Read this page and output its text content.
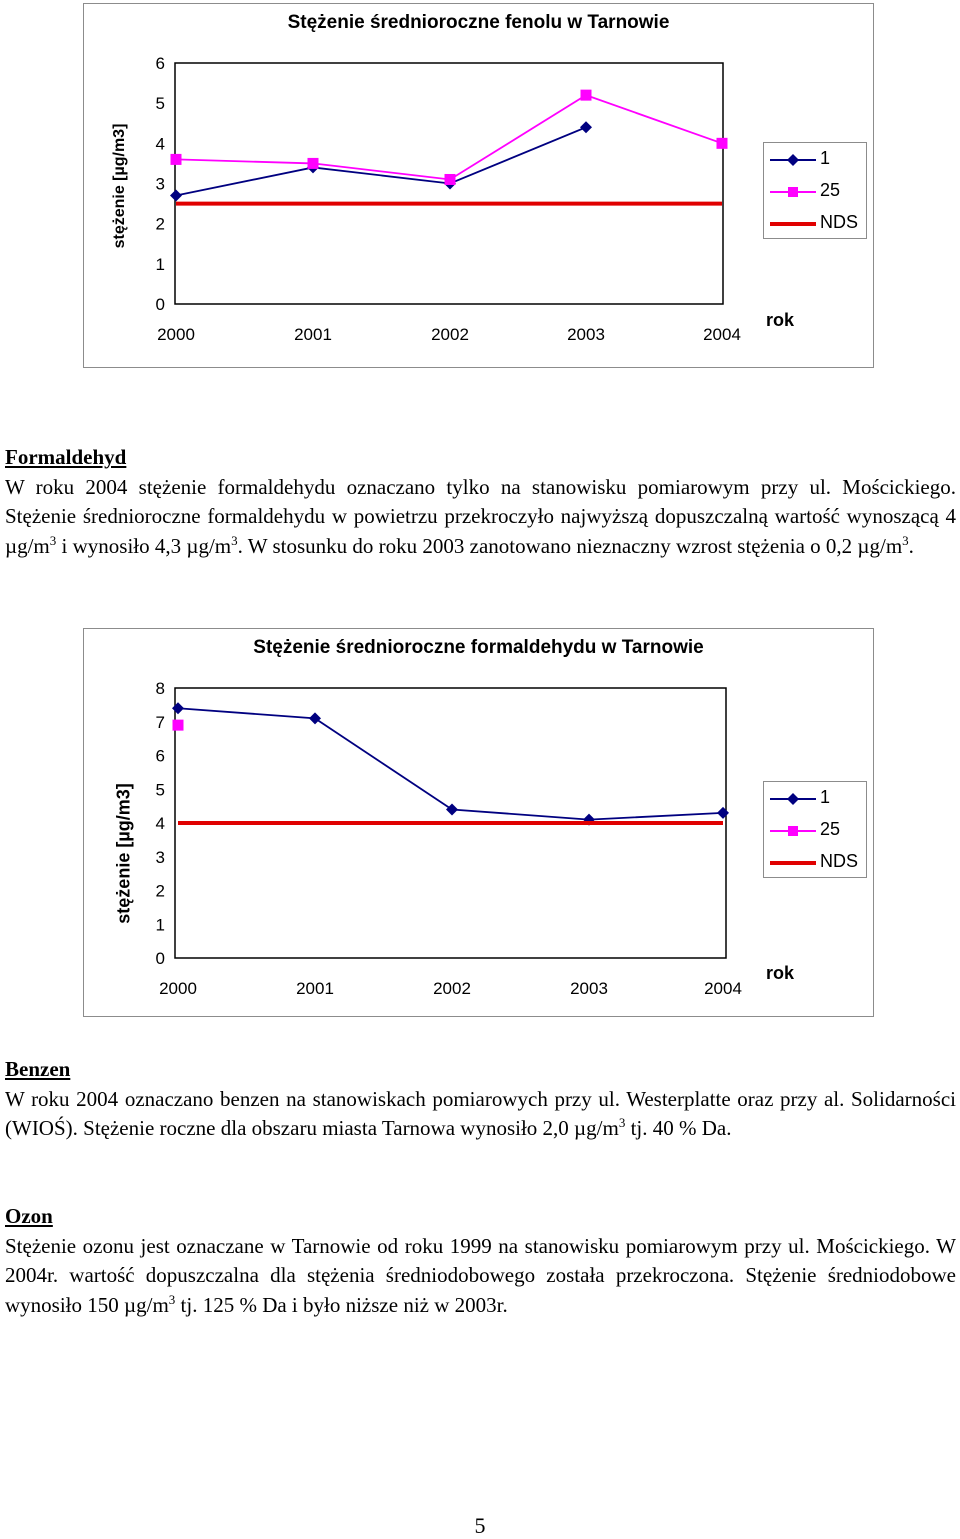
Stężenie średnioroczne fenolu w Tarnowie
stężenie [µg/m3]
0
1
2
3
4
5
6
2000	2001	2002	2003	2004
rok
1
25
NDS
Formaldehyd

W roku 2004 stężenie formaldehydu oznaczano tylko na stanowisku pomiarowym przy ul. Mościckiego. Stężenie średnioroczne formaldehydu w powietrzu przekroczyło najwyższą dopuszczalną wartość wynoszącą 4 $\mu g/m^3$ i wynosiło 4,3 $\mu g/m^3$. W stosunku do roku 2003 zanotowano nieznaczny wzrost stężenia o 0,2 $\mu g/m^3$.

Stężenie średnioroczne formaldehydu w Tarnowie
stężenie [µg/m3]
0
1
2
3
4
5
6
7
8
2000	2001	2002	2003	2004
rok
1
25
NDS
Benzen

W roku 2004 oznaczano benzen na stanowiskach pomiarowych przy ul. Westerplatte oraz przy al. Solidarności (WIOŚ). Stężenie roczne dla obszaru miasta Tarnowa wynosiło 2,0 $\mu g/m^3$ tj. 40 % Da.

Ozon

Stężenie ozonu jest oznaczane w Tarnowie od roku 1999 na stanowisku pomiarowym przy ul. Mościckiego. W 2004r. wartość dopuszczalna dla stężenia średniodobowego została przekroczona. Stężenie średniodobowe wynosiło 150 $\mu g/m^3$ tj. 125 % Da i było niższe niż w 2003r.

5
